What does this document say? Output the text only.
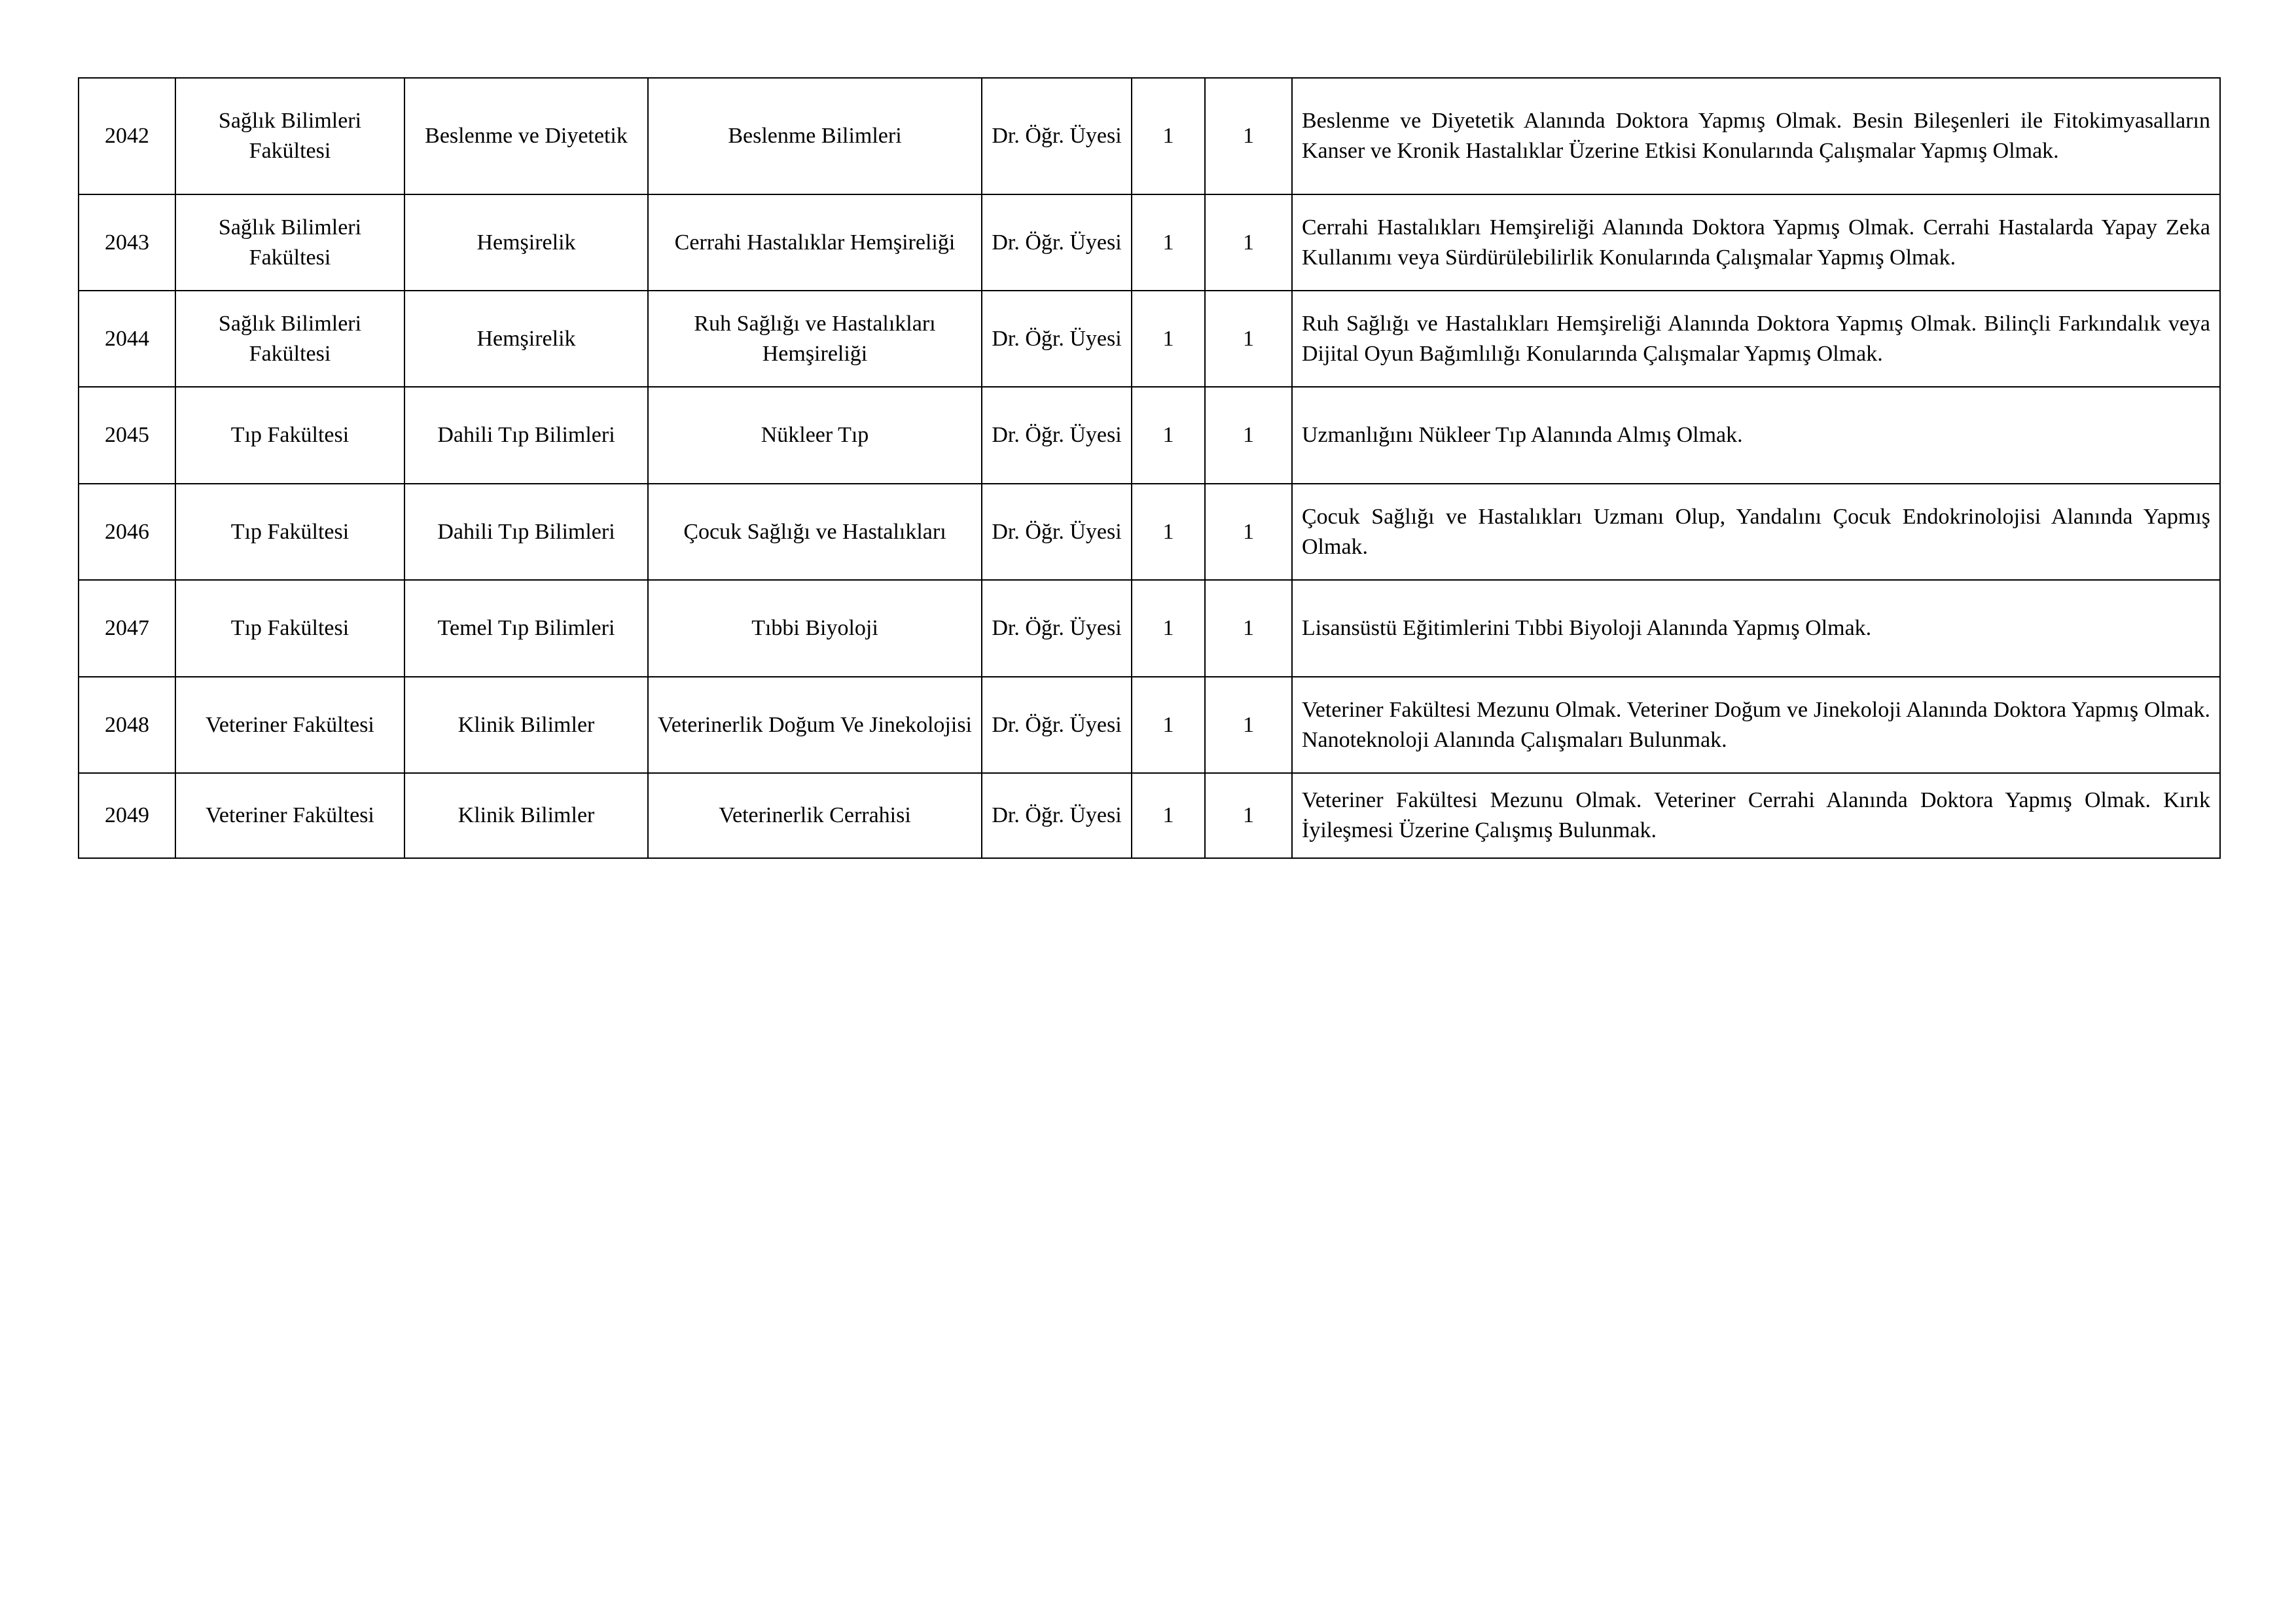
2042	Sağlık Bilimleri Fakültesi	Beslenme ve Diyetetik	Beslenme Bilimleri	Dr. Öğr. Üyesi	1	1	Beslenme ve Diyetetik Alanında Doktora Yapmış Olmak. Besin Bileşenleri ile Fitokimyasalların Kanser ve Kronik Hastalıklar Üzerine Etkisi Konularında Çalışmalar Yapmış Olmak.
2043	Sağlık Bilimleri Fakültesi	Hemşirelik	Cerrahi Hastalıklar Hemşireliği	Dr. Öğr. Üyesi	1	1	Cerrahi Hastalıkları Hemşireliği Alanında Doktora Yapmış Olmak. Cerrahi Hastalarda Yapay Zeka Kullanımı veya Sürdürülebilirlik Konularında Çalışmalar Yapmış Olmak.
2044	Sağlık Bilimleri Fakültesi	Hemşirelik	Ruh Sağlığı ve Hastalıkları Hemşireliği	Dr. Öğr. Üyesi	1	1	Ruh Sağlığı ve Hastalıkları Hemşireliği Alanında Doktora Yapmış Olmak. Bilinçli Farkındalık veya Dijital Oyun Bağımlılığı Konularında Çalışmalar Yapmış Olmak.
2045	Tıp Fakültesi	Dahili Tıp Bilimleri	Nükleer Tıp	Dr. Öğr. Üyesi	1	1	Uzmanlığını Nükleer Tıp Alanında Almış Olmak.
2046	Tıp Fakültesi	Dahili Tıp Bilimleri	Çocuk Sağlığı ve Hastalıkları	Dr. Öğr. Üyesi	1	1	Çocuk Sağlığı ve Hastalıkları Uzmanı Olup, Yandalını Çocuk Endokrinolojisi Alanında Yapmış Olmak.
2047	Tıp Fakültesi	Temel Tıp Bilimleri	Tıbbi Biyoloji	Dr. Öğr. Üyesi	1	1	Lisansüstü Eğitimlerini Tıbbi Biyoloji Alanında Yapmış Olmak.
2048	Veteriner Fakültesi	Klinik Bilimler	Veterinerlik Doğum Ve Jinekolojisi	Dr. Öğr. Üyesi	1	1	Veteriner Fakültesi Mezunu Olmak. Veteriner Doğum ve Jinekoloji Alanında Doktora Yapmış Olmak. Nanoteknoloji Alanında Çalışmaları Bulunmak.
2049	Veteriner Fakültesi	Klinik Bilimler	Veterinerlik Cerrahisi	Dr. Öğr. Üyesi	1	1	Veteriner Fakültesi Mezunu Olmak. Veteriner Cerrahi Alanında Doktora Yapmış Olmak. Kırık İyileşmesi Üzerine Çalışmış Bulunmak.
